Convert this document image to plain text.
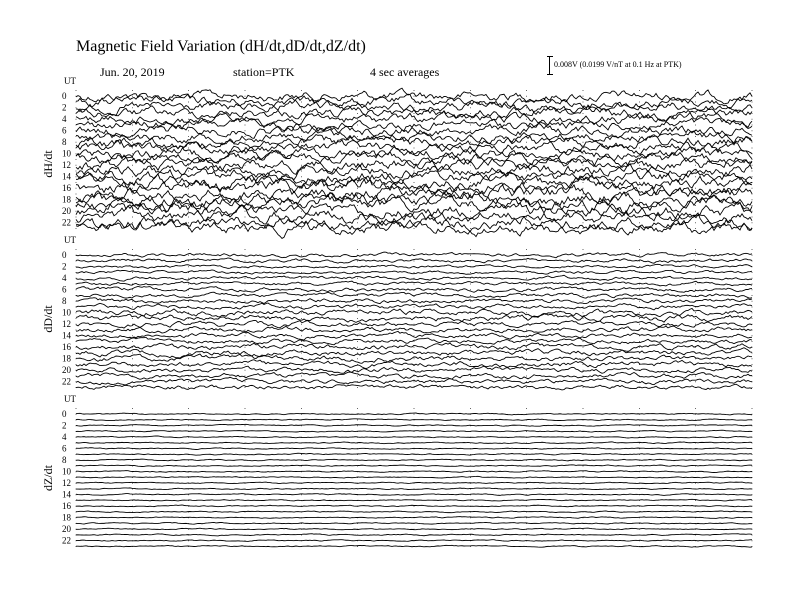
Magnetic Field Variation (dH/dt,dD/dt,dZ/dt)
Jun. 20, 2019	station=PTK	4 sec averages
0.008V (0.0199 V/nT at 0.1 Hz at PTK)
UT
dH/dt
0
2
4
6
8
10
12
14
16
18
20
22
UT
dD/dt
0
2
4
6
8
10
12
14
16
18
20
22
UT
dZ/dt
0
2
4
6
8
10
12
14
16
18
20
22
